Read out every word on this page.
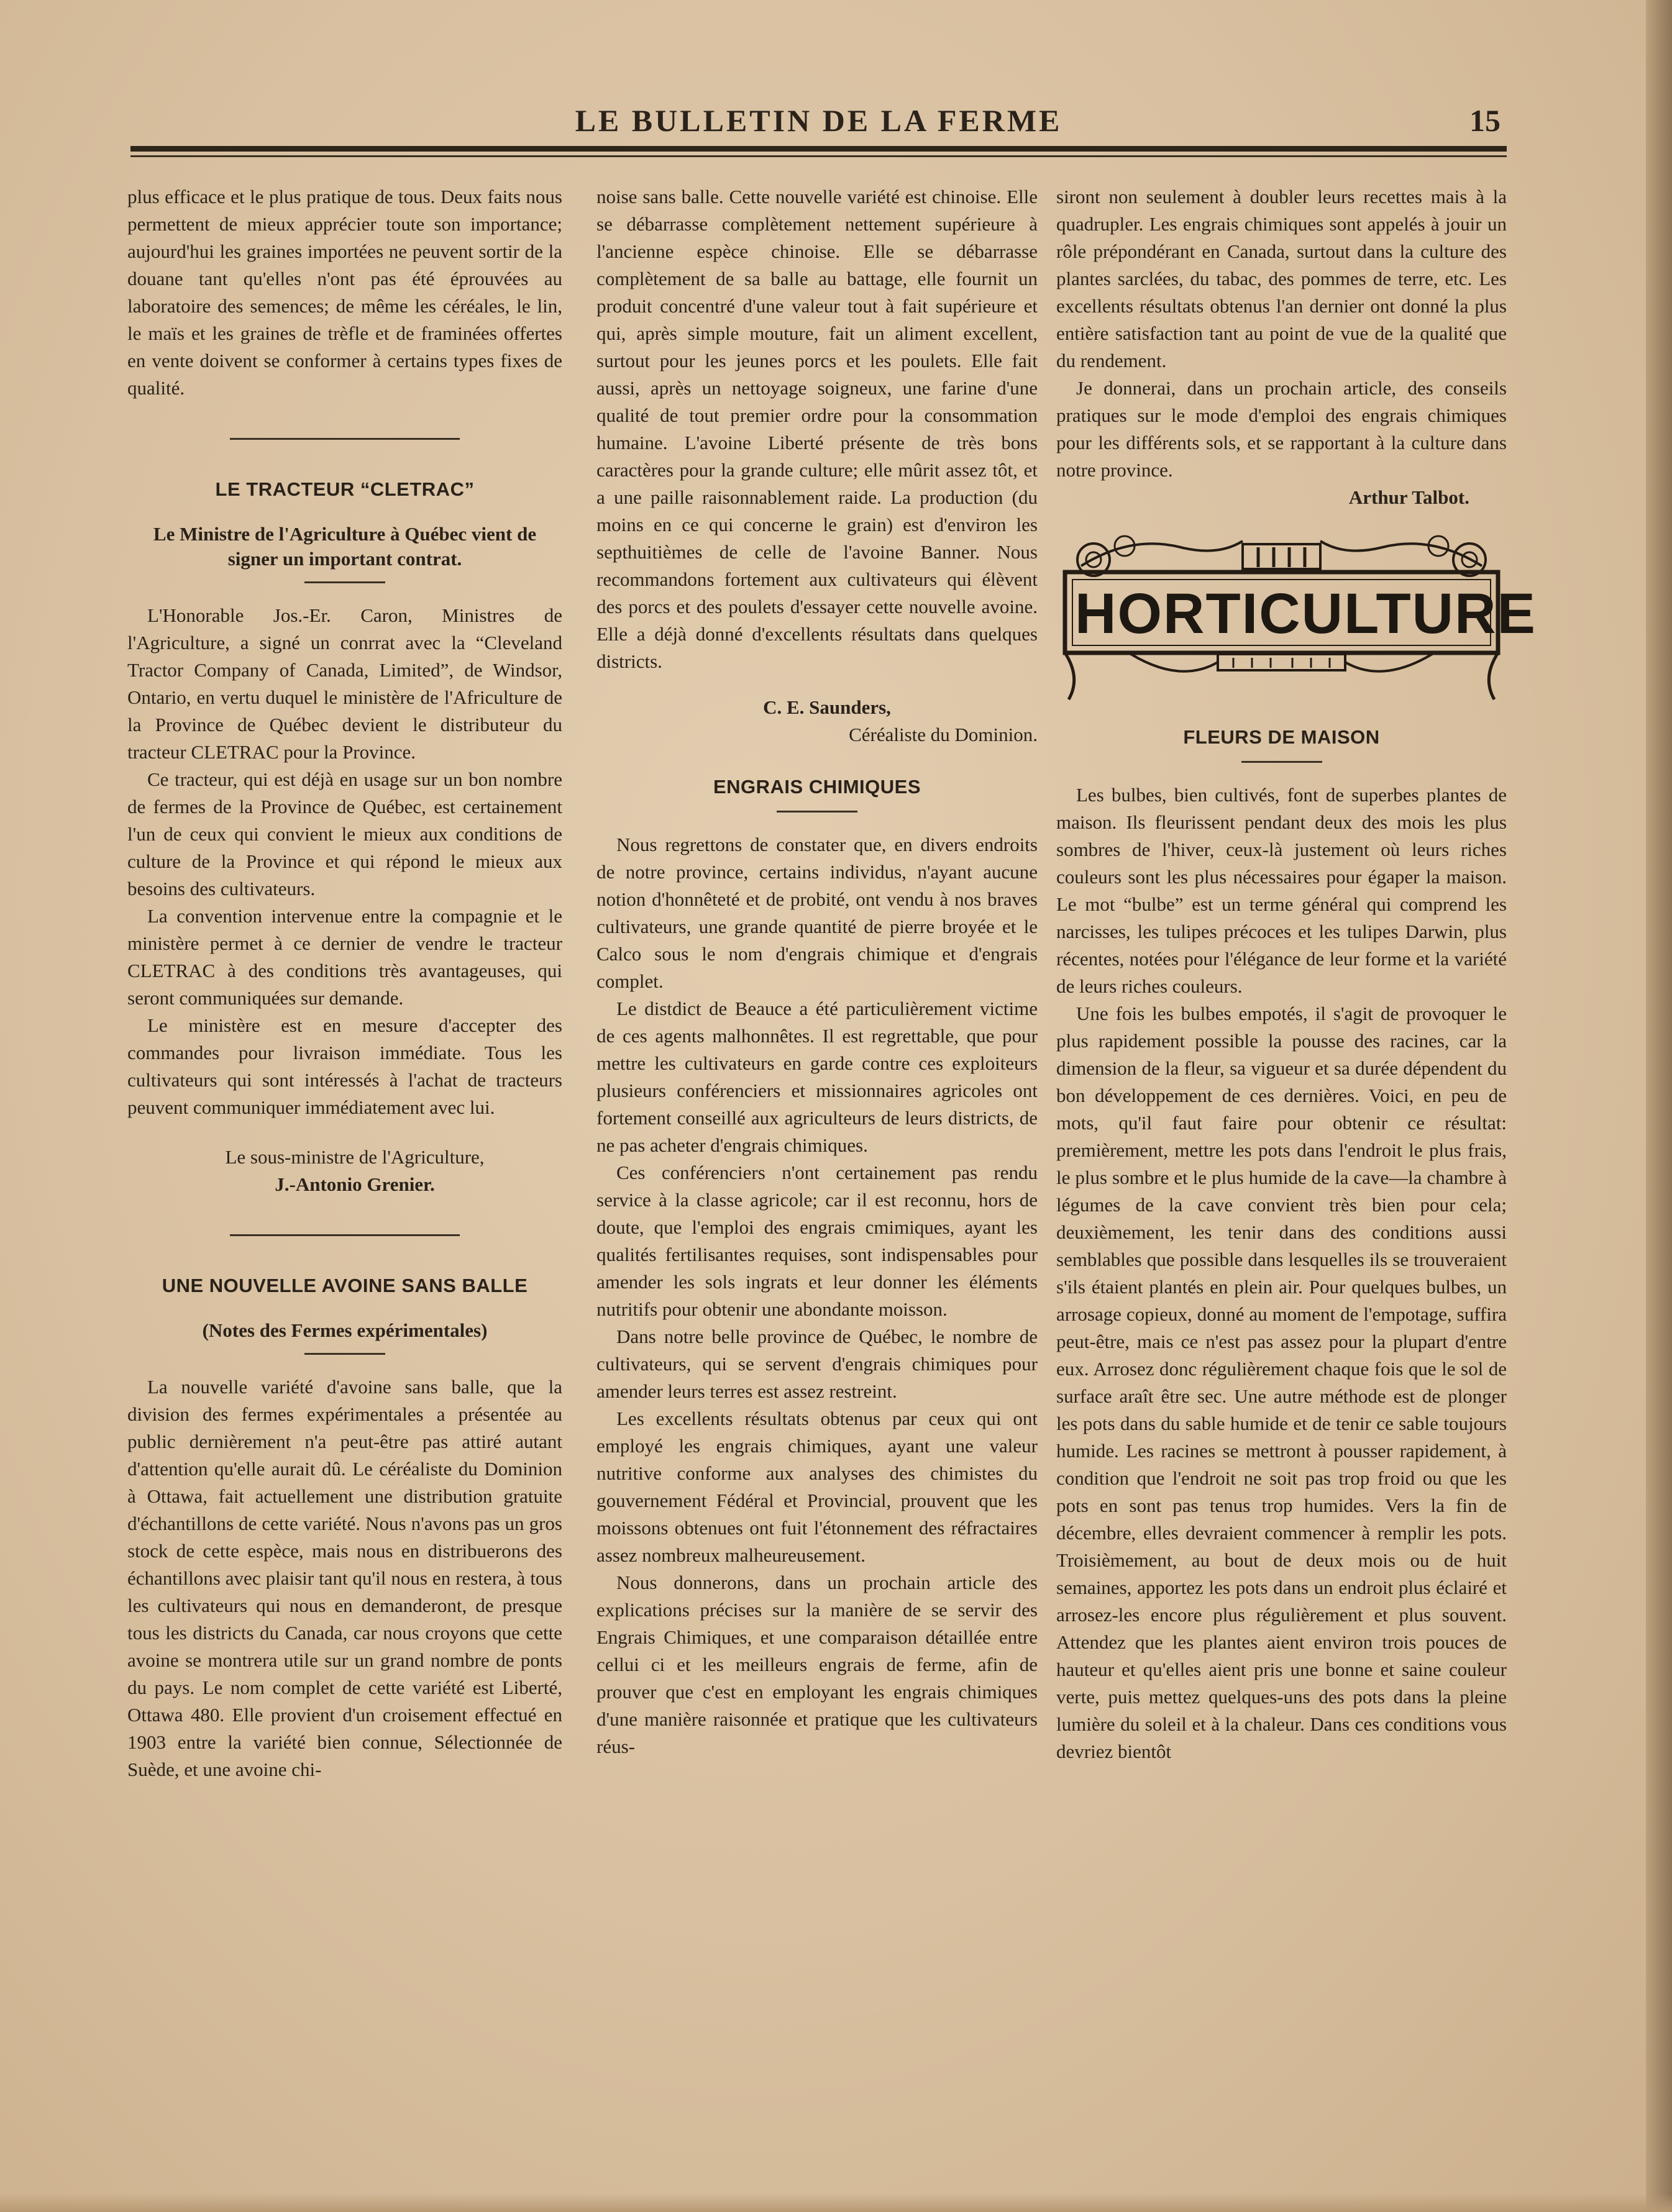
LE BULLETIN DE LA FERME	15

plus efficace et le plus pratique de tous. Deux faits nous permettent de mieux apprécier toute son importance; aujourd'hui les graines importées ne peuvent sortir de la douane tant qu'elles n'ont pas été éprouvées au laboratoire des semences; de même les céréales, le lin, le maïs et les graines de trèfle et de framinées offertes en vente doivent se conformer à certains types fixes de qualité.

LE TRACTEUR “CLETRAC”
Le Ministre de l'Agriculture à Québec vient de signer un important contrat.

L'Honorable Jos.-Er. Caron, Ministres de l'Agriculture, a signé un conrrat avec la “Cleveland Tractor Company of Canada, Limited”, de Windsor, Ontario, en vertu duquel le ministère de l'Africulture de la Province de Québec devient le distributeur du tracteur CLETRAC pour la Province.

Ce tracteur, qui est déjà en usage sur un bon nombre de fermes de la Province de Québec, est certainement l'un de ceux qui convient le mieux aux conditions de culture de la Province et qui répond le mieux aux besoins des cultivateurs.

La convention intervenue entre la compagnie et le ministère permet à ce dernier de vendre le tracteur CLETRAC à des conditions très avantageuses, qui seront communiquées sur demande.

Le ministère est en mesure d'accepter des commandes pour livraison immédiate. Tous les cultivateurs qui sont intéressés à l'achat de tracteurs peuvent communiquer immédiatement avec lui.

Le sous-ministre de l'Agriculture,

J.-Antonio Grenier.

UNE NOUVELLE AVOINE SANS BALLE
(Notes des Fermes expérimentales)

La nouvelle variété d'avoine sans balle, que la division des fermes expérimentales a présentée au public dernièrement n'a peut-être pas attiré autant d'attention qu'elle aurait dû. Le céréaliste du Dominion à Ottawa, fait actuellement une distribution gratuite d'échantillons de cette variété. Nous n'avons pas un gros stock de cette espèce, mais nous en distribuerons des échantillons avec plaisir tant qu'il nous en restera, à tous les cultivateurs qui nous en demanderont, de presque tous les districts du Canada, car nous croyons que cette avoine se montrera utile sur un grand nombre de ponts du pays. Le nom complet de cette variété est Liberté, Ottawa 480. Elle provient d'un croisement effectué en 1903 entre la variété bien connue, Sélectionnée de Suède, et une avoine chi-

noise sans balle. Cette nouvelle variété est chinoise. Elle se débarrasse complètement nettement supérieure à l'ancienne espèce chinoise. Elle se débarrasse complètement de sa balle au battage, elle fournit un produit concentré d'une valeur tout à fait supérieure et qui, après simple mouture, fait un aliment excellent, surtout pour les jeunes porcs et les poulets. Elle fait aussi, après un nettoyage soigneux, une farine d'une qualité de tout premier ordre pour la consommation humaine. L'avoine Liberté présente de très bons caractères pour la grande culture; elle mûrit assez tôt, et a une paille raisonnablement raide. La production (du moins en ce qui concerne le grain) est d'environ les septhuitièmes de celle de l'avoine Banner. Nous recommandons fortement aux cultivateurs qui élèvent des porcs et des poulets d'essayer cette nouvelle avoine. Elle a déjà donné d'excellents résultats dans quelques districts.

C. E. Saunders,

Céréaliste du Dominion.

ENGRAIS CHIMIQUES

Nous regrettons de constater que, en divers endroits de notre province, certains individus, n'ayant aucune notion d'honnêteté et de probité, ont vendu à nos braves cultivateurs, une grande quantité de pierre broyée et le Calco sous le nom d'engrais chimique et d'engrais complet.

Le distdict de Beauce a été particulièrement victime de ces agents malhonnêtes. Il est regrettable, que pour mettre les cultivateurs en garde contre ces exploiteurs plusieurs conférenciers et missionnaires agricoles ont fortement conseillé aux agriculteurs de leurs districts, de ne pas acheter d'engrais chimiques.

Ces conférenciers n'ont certainement pas rendu service à la classe agricole; car il est reconnu, hors de doute, que l'emploi des engrais cmimiques, ayant les qualités fertilisantes requises, sont indispensables pour amender les sols ingrats et leur donner les éléments nutritifs pour obtenir une abondante moisson.

Dans notre belle province de Québec, le nombre de cultivateurs, qui se servent d'engrais chimiques pour amender leurs terres est assez restreint.

Les excellents résultats obtenus par ceux qui ont employé les engrais chimiques, ayant une valeur nutritive conforme aux analyses des chimistes du gouvernement Fédéral et Provincial, prouvent que les moissons obtenues ont fuit l'étonnement des réfractaires assez nombreux malheureusement.

Nous donnerons, dans un prochain article des explications précises sur la manière de se servir des Engrais Chimiques, et une comparaison détaillée entre cellui ci et les meilleurs engrais de ferme, afin de prouver que c'est en employant les engrais chimiques d'une manière raisonnée et pratique que les cultivateurs réus-

siront non seulement à doubler leurs recettes mais à la quadrupler. Les engrais chimiques sont appelés à jouir un rôle prépondérant en Canada, surtout dans la culture des plantes sarclées, du tabac, des pommes de terre, etc. Les excellents résultats obtenus l'an dernier ont donné la plus entière satisfaction tant au point de vue de la qualité que du rendement.

Je donnerai, dans un prochain article, des conseils pratiques sur le mode d'emploi des engrais chimiques pour les différents sols, et se rapportant à la culture dans notre province.

Arthur Talbot.

HORTICULTURE
FLEURS DE MAISON

Les bulbes, bien cultivés, font de superbes plantes de maison. Ils fleurissent pendant deux des mois les plus sombres de l'hiver, ceux-là justement où leurs riches couleurs sont les plus nécessaires pour égaper la maison. Le mot “bulbe” est un terme général qui comprend les narcisses, les tulipes précoces et les tulipes Darwin, plus récentes, notées pour l'élégance de leur forme et la variété de leurs riches couleurs.

Une fois les bulbes empotés, il s'agit de provoquer le plus rapidement possible la pousse des racines, car la dimension de la fleur, sa vigueur et sa durée dépendent du bon développement de ces dernières. Voici, en peu de mots, qu'il faut faire pour obtenir ce résultat: premièrement, mettre les pots dans l'endroit le plus frais, le plus sombre et le plus humide de la cave—la chambre à légumes de la cave convient très bien pour cela; deuxièmement, les tenir dans des conditions aussi semblables que possible dans lesquelles ils se trouveraient s'ils étaient plantés en plein air. Pour quelques bulbes, un arrosage copieux, donné au moment de l'empotage, suffira peut-être, mais ce n'est pas assez pour la plupart d'entre eux. Arrosez donc régulièrement chaque fois que le sol de surface araît être sec. Une autre méthode est de plonger les pots dans du sable humide et de tenir ce sable toujours humide. Les racines se mettront à pousser rapidement, à condition que l'endroit ne soit pas trop froid ou que les pots en sont pas tenus trop humides. Vers la fin de décembre, elles devraient commencer à remplir les pots. Troisièmement, au bout de deux mois ou de huit semaines, apportez les pots dans un endroit plus éclairé et arrosez-les encore plus régulièrement et plus souvent. Attendez que les plantes aient environ trois pouces de hauteur et qu'elles aient pris une bonne et saine couleur verte, puis mettez quelques-uns des pots dans la pleine lumière du soleil et à la chaleur. Dans ces conditions vous devriez bientôt
